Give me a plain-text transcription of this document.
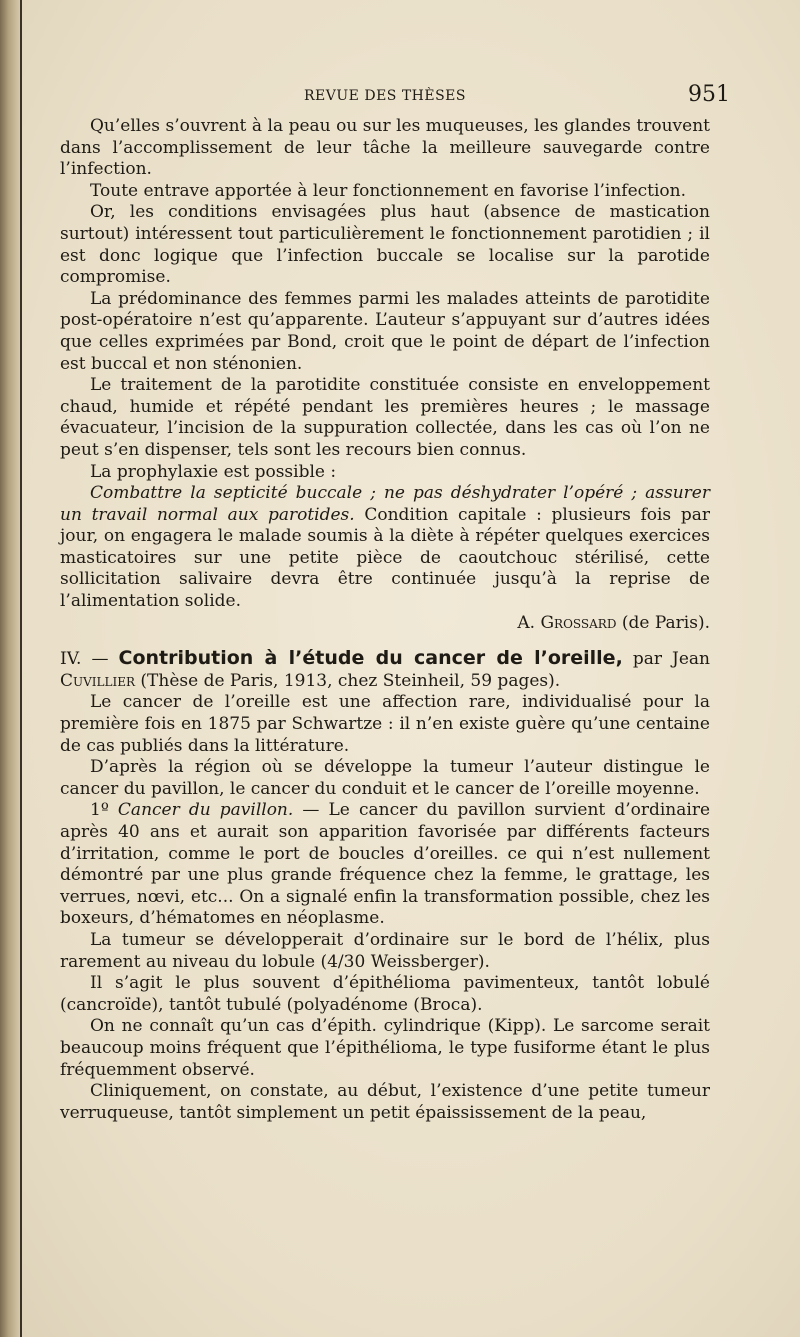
REVUE DES THÈSES	951

Qu’elles s’ouvrent à la peau ou sur les muqueuses, les glandes trouvent dans l’accomplissement de leur tâche la meilleure sauvegarde contre l’infection.

Toute entrave apportée à leur fonctionnement en favorise l’infection.

Or, les conditions envisagées plus haut (absence de mastication surtout) intéressent tout particulièrement le fonctionnement parotidien ; il est donc logique que l’infection buccale se localise sur la parotide compromise.

La prédominance des femmes parmi les malades atteints de parotidite post-opératoire n’est qu’apparente. L’auteur s’appuyant sur d’autres idées que celles exprimées par Bond, croit que le point de départ de l’infection est buccal et non sténonien.

Le traitement de la parotidite constituée consiste en enveloppement chaud, humide et répété pendant les premières heures ; le massage évacuateur, l’incision de la suppuration collectée, dans les cas où l’on ne peut s’en dispenser, tels sont les recours bien connus.

La prophylaxie est possible :

Combattre la septicité buccale ; ne pas déshydrater l’opéré ; assurer un travail normal aux parotides. Condition capitale : plusieurs fois par jour, on engagera le malade soumis à la diète à répéter quelques exercices masticatoires sur une petite pièce de caoutchouc stérilisé, cette sollicitation salivaire devra être continuée jusqu’à la reprise de l’alimentation solide.

A. Grossard (de Paris).

IV. — Contribution à l’étude du cancer de l’oreille, par Jean Cuvillier (Thèse de Paris, 1913, chez Steinheil, 59 pages).

Le cancer de l’oreille est une affection rare, individualisé pour la première fois en 1875 par Schwartze : il n’en existe guère qu’une centaine de cas publiés dans la littérature.

D’après la région où se développe la tumeur l’auteur distingue le cancer du pavillon, le cancer du conduit et le cancer de l’oreille moyenne.

1º Cancer du pavillon. — Le cancer du pavillon survient d’ordinaire après 40 ans et aurait son apparition favorisée par différents facteurs d’irritation, comme le port de boucles d’oreilles. ce qui n’est nullement démontré par une plus grande fréquence chez la femme, le grattage, les verrues, nœvi, etc... On a signalé enfin la transformation possible, chez les boxeurs, d’hématomes en néoplasme.

La tumeur se développerait d’ordinaire sur le bord de l’hélix, plus rarement au niveau du lobule (4/30 Weissberger).

Il s’agit le plus souvent d’épithélioma pavimenteux, tantôt lobulé (cancroïde), tantôt tubulé (polyadénome (Broca).

On ne connaît qu’un cas d’épith. cylindrique (Kipp). Le sarcome serait beaucoup moins fréquent que l’épithélioma, le type fusiforme étant le plus fréquemment observé.

Cliniquement, on constate, au début, l’existence d’une petite tumeur verruqueuse, tantôt simplement un petit épaississement de la peau,
